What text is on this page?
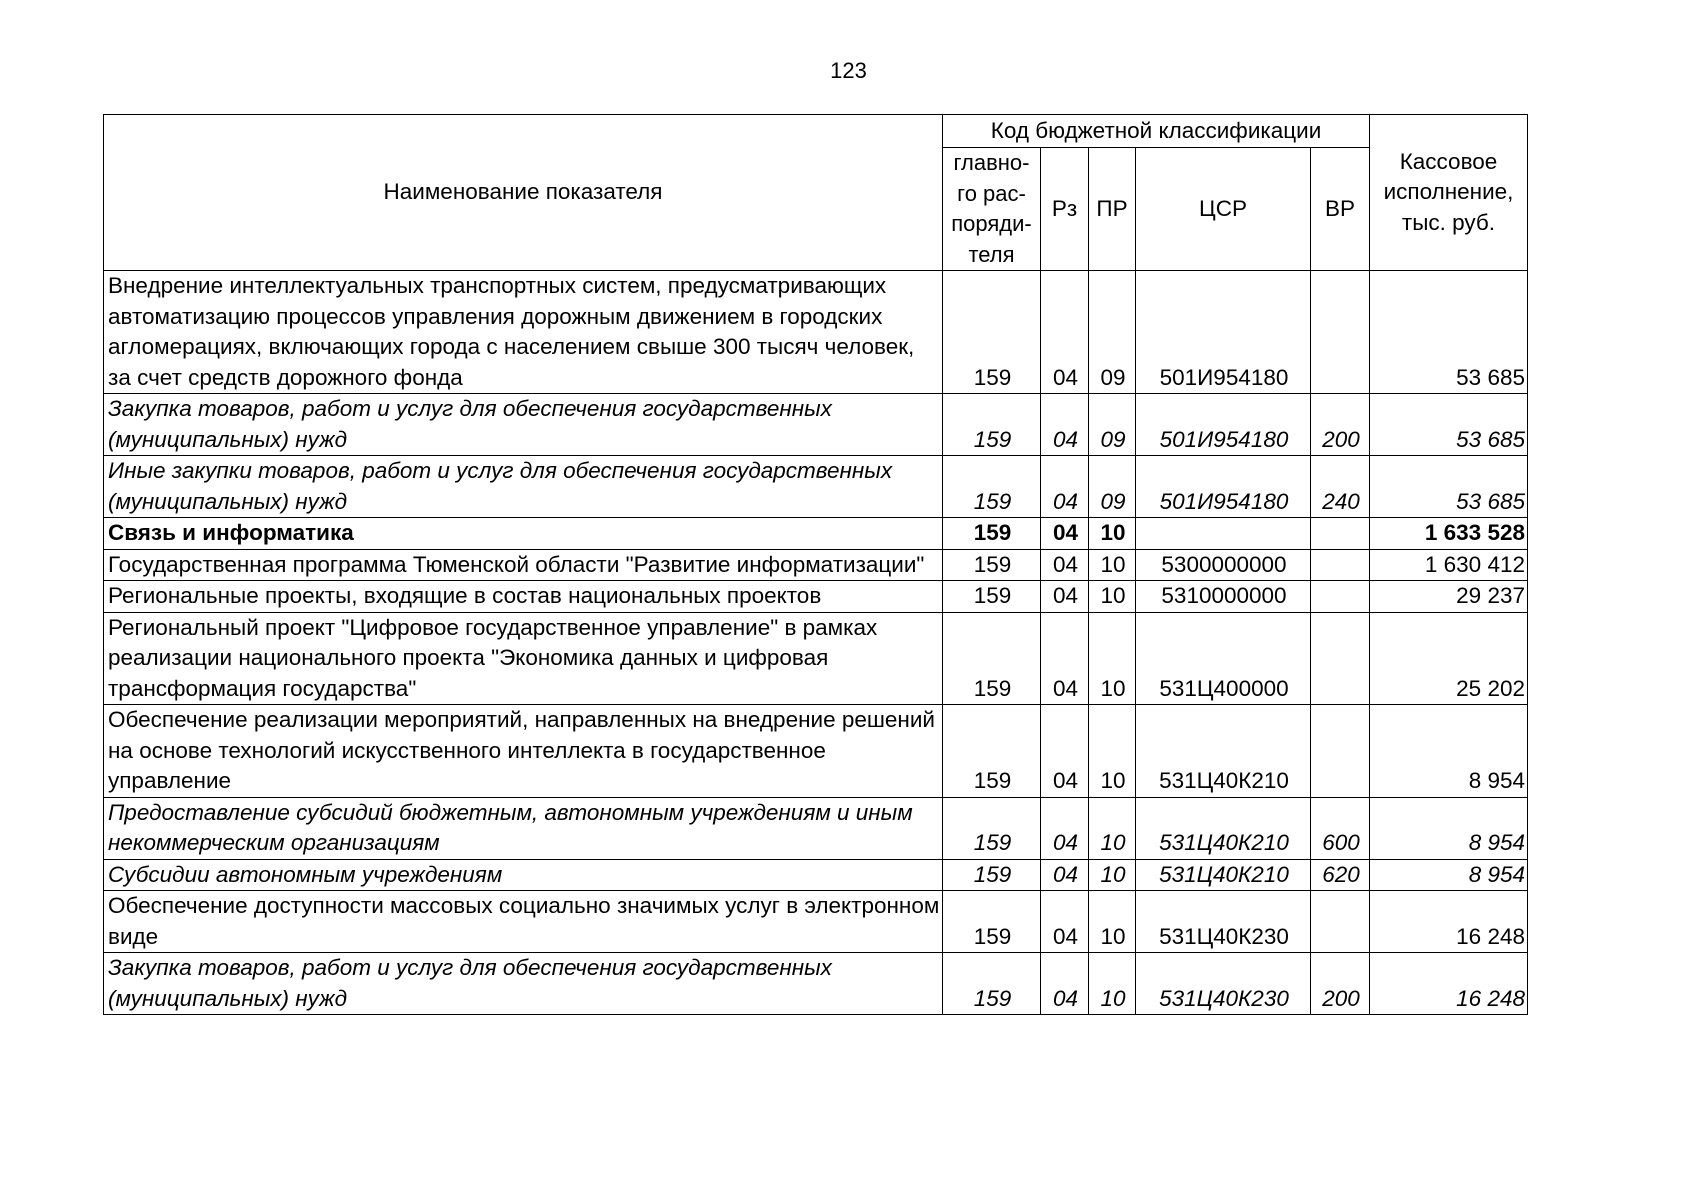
123
Наименование показателя	Код бюджетной классификации					Кассовое
исполнение,
тыс. руб.

	главно-
го рас-
поряди-
теля	Рз	ПР	ЦСР	ВР	
Внедрение интеллектуальных транспортных систем, предусматривающих автоматизацию процессов управления дорожным движением в городских агломерациях, включающих города с населением свыше 300 тысяч человек, за счет средств дорожного фонда	159	04	09	501И954180		53 685
Закупка товаров, работ и услуг для обеспечения государственных (муниципальных) нужд	159	04	09	501И954180	200	53 685
Иные закупки товаров, работ и услуг для обеспечения государственных (муниципальных) нужд	159	04	09	501И954180	240	53 685
Связь и информатика	159	04	10			1 633 528
Государственная программа Тюменской области "Развитие информатизации"	159	04	10	5300000000		1 630 412
Региональные проекты, входящие в состав национальных проектов	159	04	10	5310000000		29 237
Региональный проект "Цифровое государственное управление" в рамках реализации национального проекта "Экономика данных и цифровая трансформация государства"	159	04	10	531Ц400000		25 202
Обеспечение реализации мероприятий, направленных на внедрение решений на основе технологий искусственного интеллекта в государственное управление	159	04	10	531Ц40К210		8 954
Предоставление субсидий бюджетным, автономным учреждениям и иным некоммерческим организациям	159	04	10	531Ц40К210	600	8 954
Субсидии автономным учреждениям	159	04	10	531Ц40К210	620	8 954
Обеспечение доступности массовых социально значимых услуг в электронном виде	159	04	10	531Ц40К230		16 248
Закупка товаров, работ и услуг для обеспечения государственных (муниципальных) нужд	159	04	10	531Ц40К230	200	16 248
